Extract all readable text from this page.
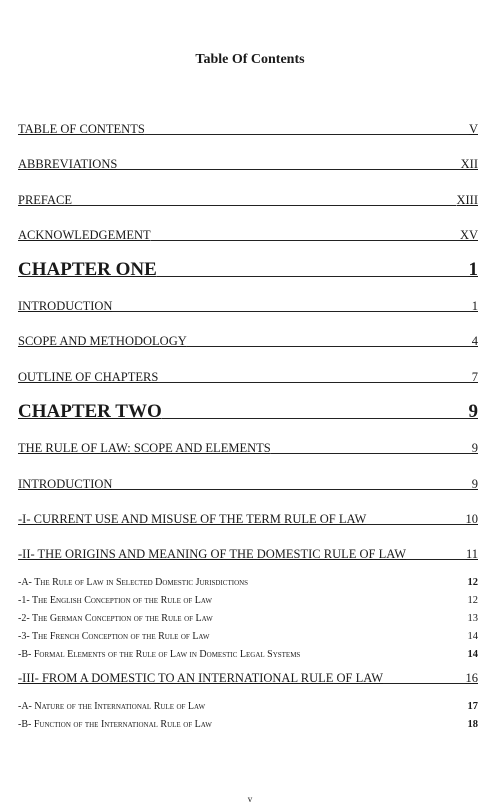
Table Of Contents
TABLE OF CONTENTS	V
ABBREVIATIONS	XII
PREFACE	XIII
ACKNOWLEDGEMENT	XV
CHAPTER ONE	1
INTRODUCTION	1
SCOPE AND METHODOLOGY	4
OUTLINE OF CHAPTERS	7
CHAPTER TWO	9
THE RULE OF LAW: SCOPE AND ELEMENTS	9
INTRODUCTION	9
-I- CURRENT USE AND MISUSE OF THE TERM RULE OF LAW	10
-II- THE ORIGINS AND MEANING OF THE DOMESTIC RULE OF LAW	11
-A- The Rule of Law in Selected Domestic Jurisdictions	12
-1- The English Conception of the Rule of Law	12
-2- The German Conception of the Rule of Law	13
-3- The French Conception of the Rule of Law	14
-B- Formal Elements of the Rule of Law in Domestic Legal Systems	14
-III- FROM A DOMESTIC TO AN INTERNATIONAL RULE OF LAW	16
-A- Nature of the International Rule of Law	17
-B- Function of the International Rule of Law	18
v
